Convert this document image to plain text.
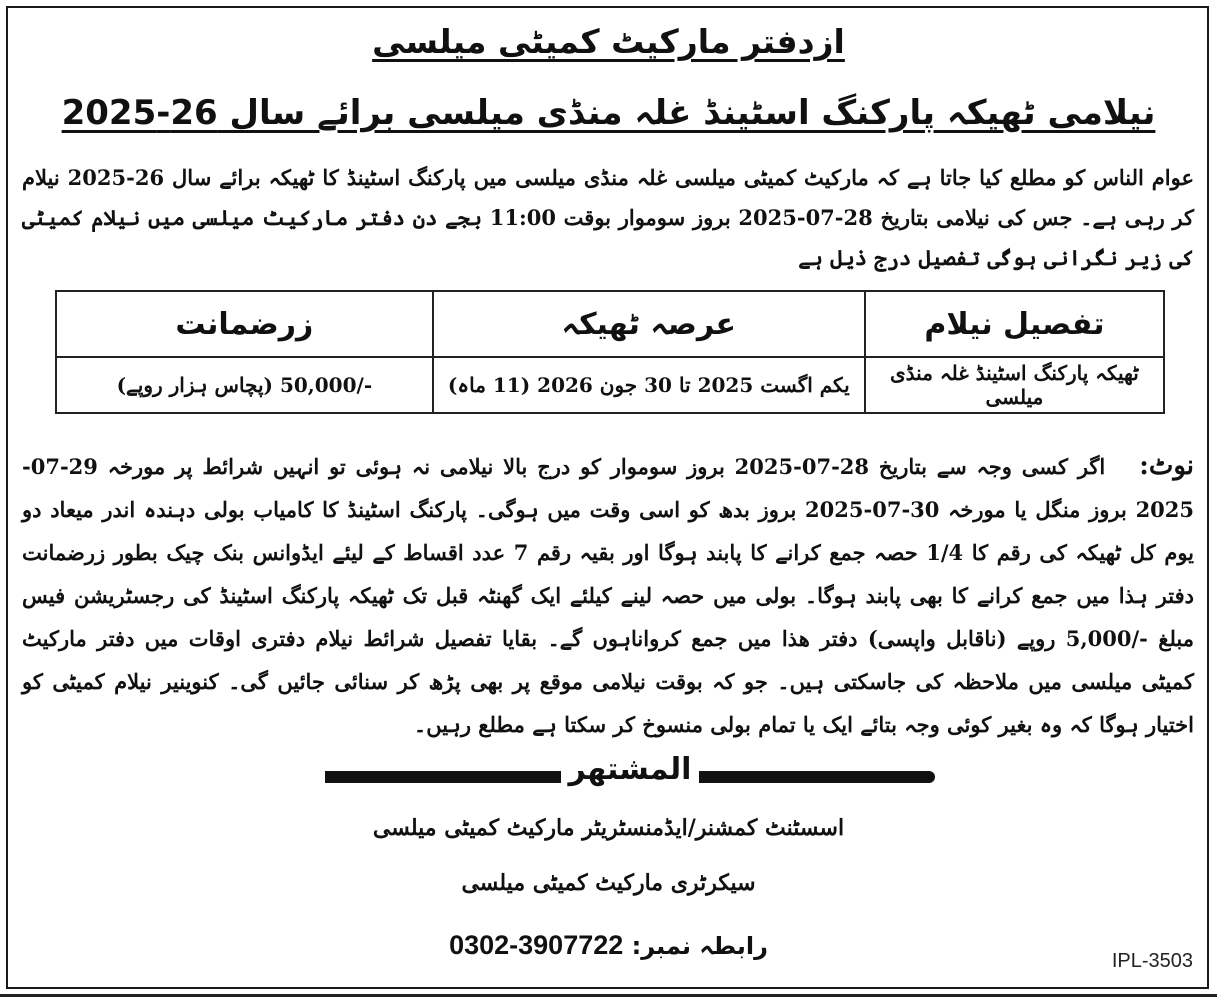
ازدفتر مارکیٹ کمیٹی میلسی
نیلامی ٹھیکہ پارکنگ اسٹینڈ غلہ منڈی میلسی برائے سال 26-2025
عوام الناس کو مطلع کیا جاتا ہے کہ مارکیٹ کمیٹی میلسی غلہ منڈی میلسی میں پارکنگ اسٹینڈ کا ٹھیکہ برائے سال 26-2025 نیلام کر رہی ہے۔ جس کی نیلامی بتاریخ 28-07-2025 بروز سوموار بوقت 11:00 بجے دن دفتر مارکیٹ میلسی میں نیلام کمیٹی کی زیر نگرانی ہوگی تفصیل درج ذیل ہے
تفصیل نیلام	عرصہ ٹھیکہ	زرضمانت
ٹھیکہ پارکنگ اسٹینڈ غلہ منڈی میلسی	یکم اگست 2025 تا 30 جون 2026 (11 ماہ)	-/50,000 (پچاس ہزار روپے)
نوٹ:اگر کسی وجہ سے بتاریخ 28-07-2025 بروز سوموار کو درج بالا نیلامی نہ ہوئی تو انہیں شرائط پر مورخہ 29-07-2025 بروز منگل یا مورخہ 30-07-2025 بروز بدھ کو اسی وقت میں ہوگی۔ پارکنگ اسٹینڈ کا کامیاب بولی دہندہ اندر میعاد دو یوم کل ٹھیکہ کی رقم کا 1/4 حصہ جمع کرانے کا پابند ہوگا اور بقیہ رقم 7 عدد اقساط کے لیئے ایڈوانس بنک چیک بطور زرضمانت دفتر ہذا میں جمع کرانے کا بھی پابند ہوگا۔ بولی میں حصہ لینے کیلئے ایک گھنٹہ قبل تک ٹھیکہ پارکنگ اسٹینڈ کی رجسٹریشن فیس مبلغ -/5,000 روپے (ناقابل واپسی) دفتر ھذا میں جمع کرواناہوں گے۔ بقایا تفصیل شرائط نیلام دفتری اوقات میں دفتر مارکیٹ کمیٹی میلسی میں ملاحظہ کی جاسکتی ہیں۔ جو کہ بوقت نیلامی موقع پر بھی پڑھ کر سنائی جائیں گی۔ کنوینیر نیلام کمیٹی کو اختیار ہوگا کہ وہ بغیر کوئی وجہ بتائے ایک یا تمام بولی منسوخ کر سکتا ہے مطلع رہیں۔
المشتھر
اسسٹنٹ کمشنر/ایڈمنسٹریٹر مارکیٹ کمیٹی میلسی
سیکرٹری مارکیٹ کمیٹی میلسی
رابطہ نمبر: 0302-3907722
IPL-3503
